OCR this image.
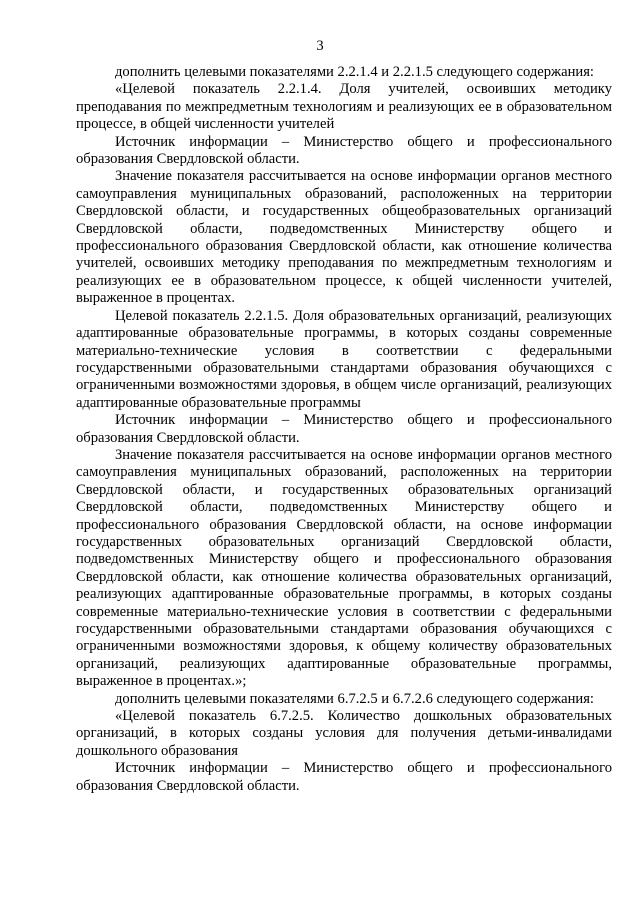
3

дополнить целевыми показателями 2.2.1.4 и 2.2.1.5 следующего содержания:

«Целевой показатель 2.2.1.4. Доля учителей, освоивших методику преподавания по межпредметным технологиям и реализующих ее в образовательном процессе, в общей численности учителей

Источник информации – Министерство общего и профессионального образования Свердловской области.

Значение показателя рассчитывается на основе информации органов местного самоуправления муниципальных образований, расположенных на территории Свердловской области, и государственных общеобразовательных организаций Свердловской области, подведомственных Министерству общего и профессионального образования Свердловской области, как отношение количества учителей, освоивших методику преподавания по межпредметным технологиям и реализующих ее в образовательном процессе, к общей численности учителей, выраженное в процентах.

Целевой показатель 2.2.1.5. Доля образовательных организаций, реализующих адаптированные образовательные программы, в которых созданы современные материально-технические условия в соответствии с федеральными государственными образовательными стандартами образования обучающихся с ограниченными возможностями здоровья, в общем числе организаций, реализующих адаптированные образовательные программы

Источник информации – Министерство общего и профессионального образования Свердловской области.

Значение показателя рассчитывается на основе информации органов местного самоуправления муниципальных образований, расположенных на территории Свердловской области, и государственных образовательных организаций Свердловской области, подведомственных Министерству общего и профессионального образования Свердловской области, на основе информации государственных образовательных организаций Свердловской области, подведомственных Министерству общего и профессионального образования Свердловской области, как отношение количества образовательных организаций, реализующих адаптированные образовательные программы, в которых созданы современные материально-технические условия в соответствии с федеральными государственными образовательными стандартами образования обучающихся с ограниченными возможностями здоровья, к общему количеству образовательных организаций, реализующих адаптированные образовательные программы, выраженное в процентах.»;

дополнить целевыми показателями 6.7.2.5 и 6.7.2.6 следующего содержания:

«Целевой показатель 6.7.2.5. Количество дошкольных образовательных организаций, в которых созданы условия для получения детьми-инвалидами дошкольного образования

Источник информации – Министерство общего и профессионального образования Свердловской области.
